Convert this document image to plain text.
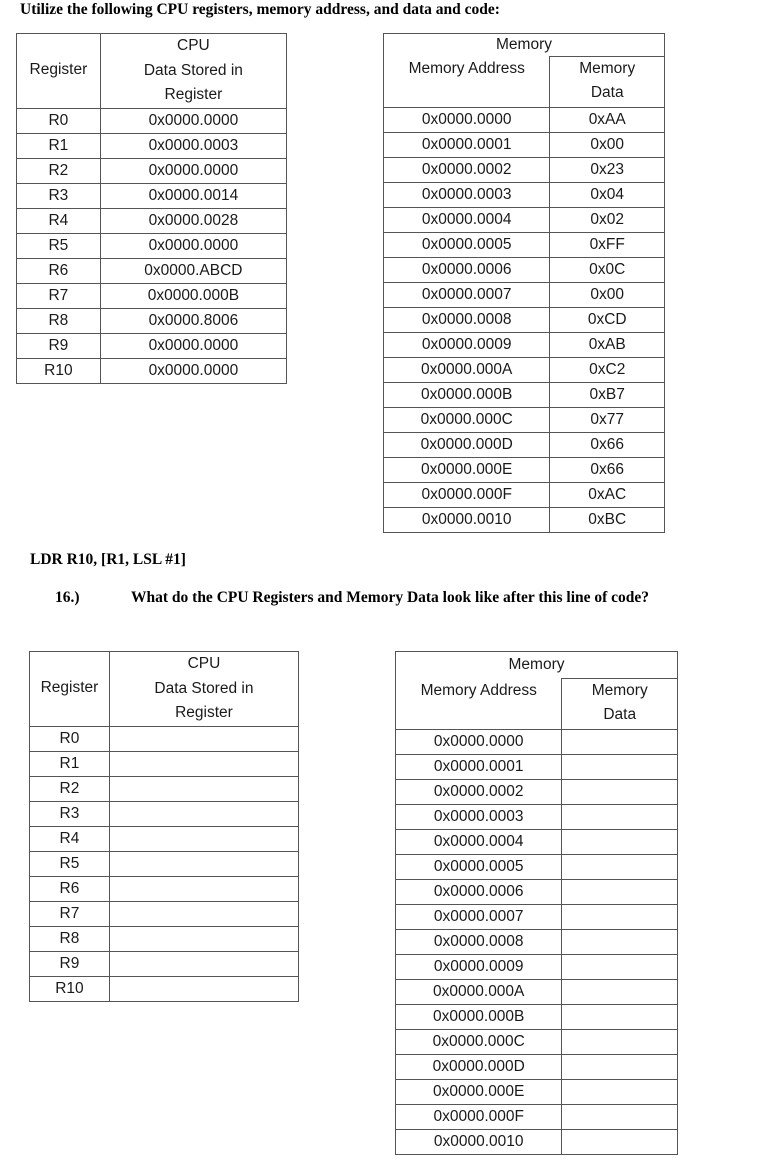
Utilize the following CPU registers, memory address, and data and code:
Register	CPU
	Data Stored in
Register
R0	0x0000.0000
R1	0x0000.0003
R2	0x0000.0000
R3	0x0000.0014
R4	0x0000.0028
R5	0x0000.0000
R6	0x0000.ABCD
R7	0x0000.000B
R8	0x0000.8006
R9	0x0000.0000
R10	0x0000.0000
Memory	
Memory Address	Memory
Data
0x0000.0000	0xAA
0x0000.0001	0x00
0x0000.0002	0x23
0x0000.0003	0x04
0x0000.0004	0x02
0x0000.0005	0xFF
0x0000.0006	0x0C
0x0000.0007	0x00
0x0000.0008	0xCD
0x0000.0009	0xAB
0x0000.000A	0xC2
0x0000.000B	0xB7
0x0000.000C	0x77
0x0000.000D	0x66
0x0000.000E	0x66
0x0000.000F	0xAC
0x0000.0010	0xBC
LDR R10, [R1, LSL #1]
16.)	What do the CPU Registers and Memory Data look like after this line of code?
Register	CPU
	Data Stored in
Register
R0	
R1	
R2	
R3	
R4	
R5	
R6	
R7	
R8	
R9	
R10	
Memory	
Memory Address	Memory
Data
0x0000.0000	
0x0000.0001	
0x0000.0002	
0x0000.0003	
0x0000.0004	
0x0000.0005	
0x0000.0006	
0x0000.0007	
0x0000.0008	
0x0000.0009	
0x0000.000A	
0x0000.000B	
0x0000.000C	
0x0000.000D	
0x0000.000E	
0x0000.000F	
0x0000.0010	
